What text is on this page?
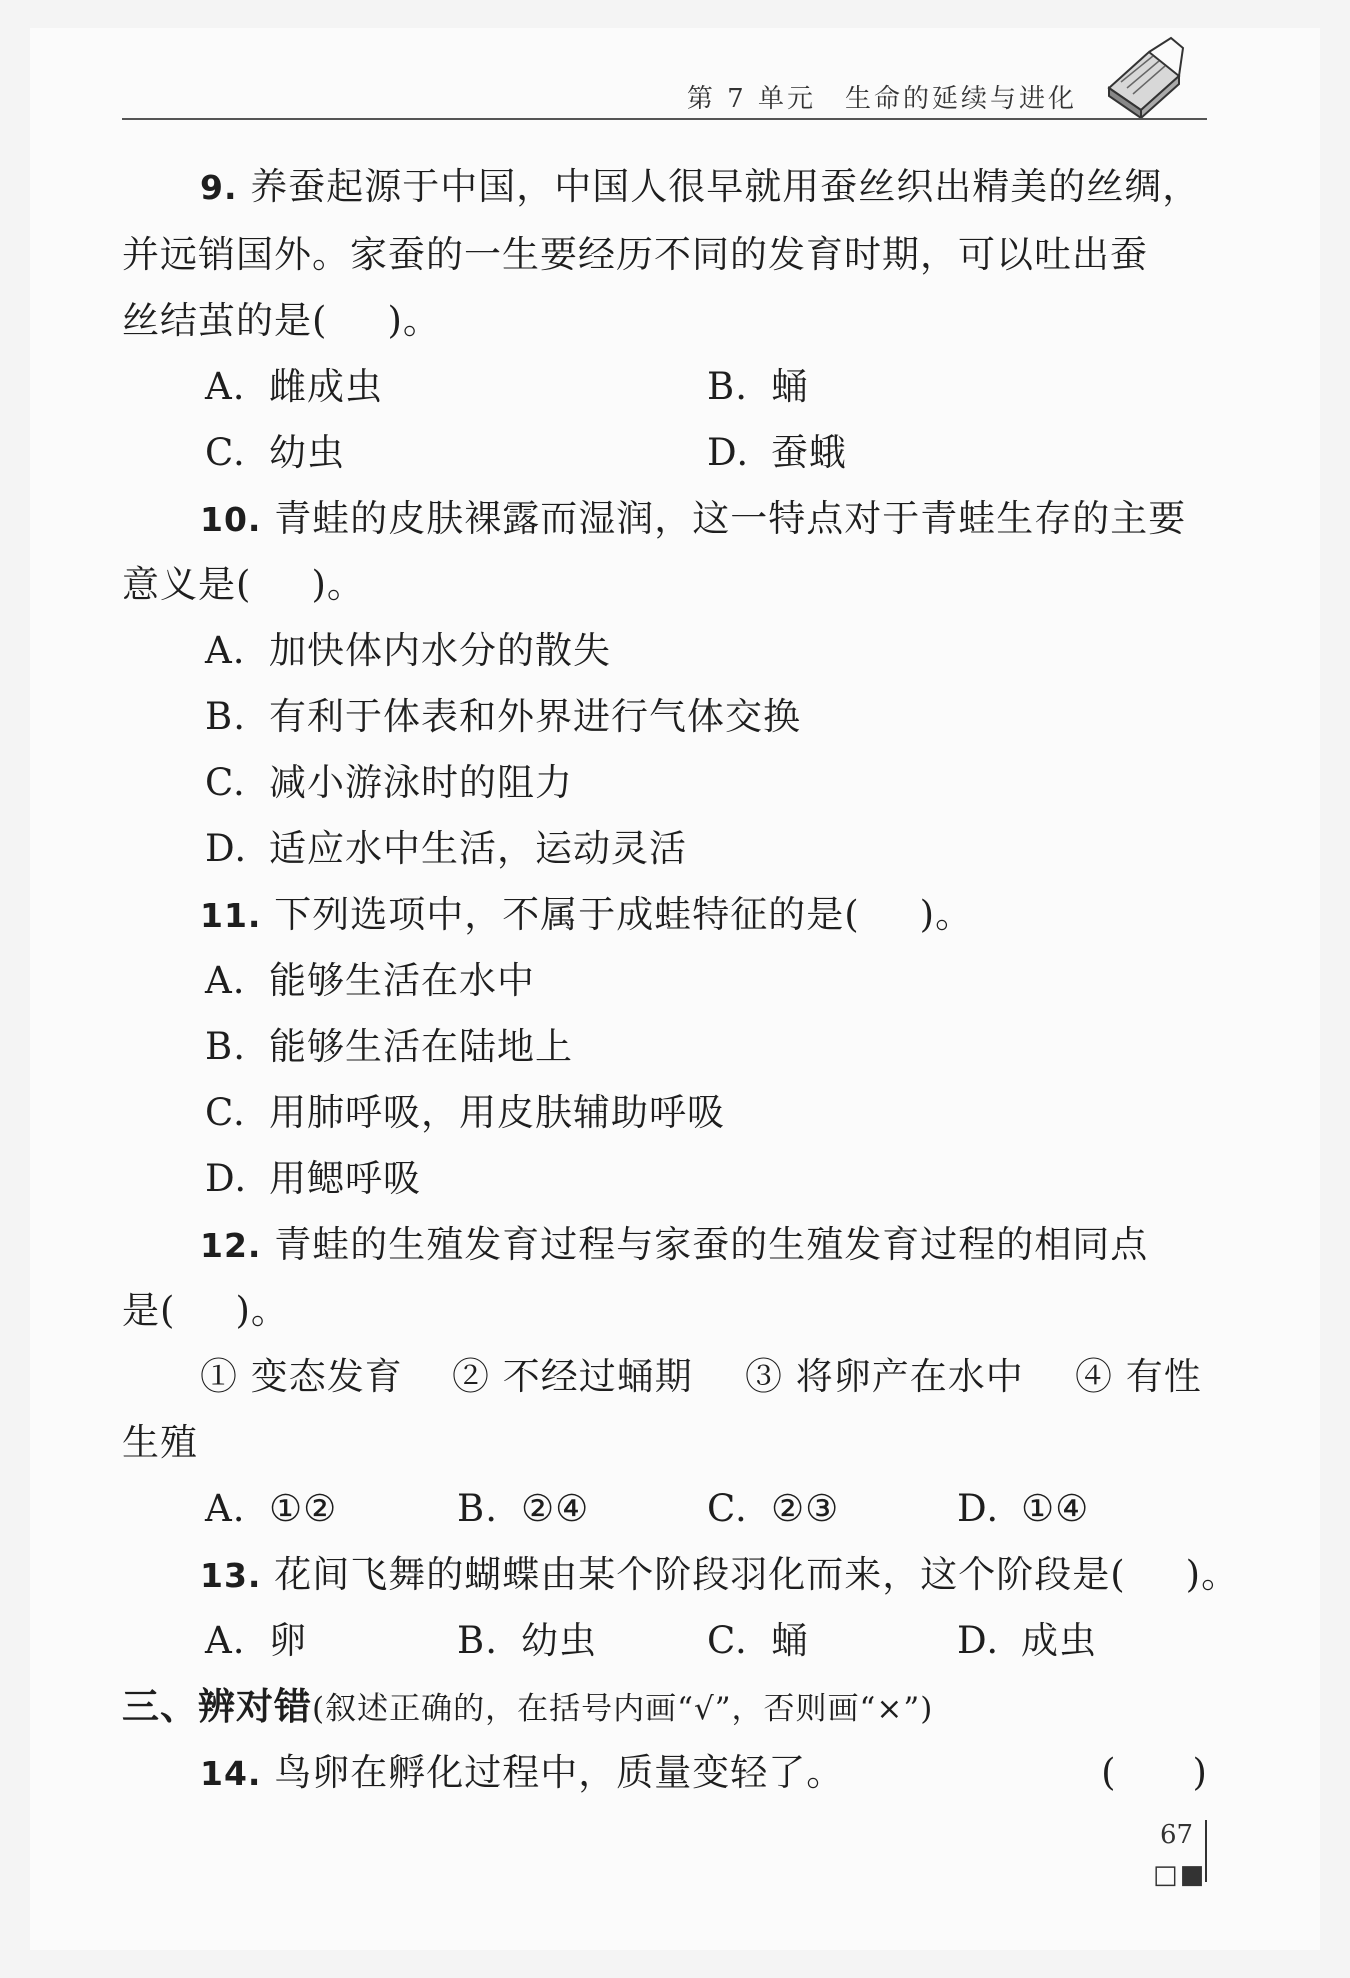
第 7 单元　生命的延续与进化
9. 养蚕起源于中国，中国人很早就用蚕丝织出精美的丝绸，
并远销国外。家蚕的一生要经历不同的发育时期，可以吐出蚕
丝结茧的是( )。
A. 雌成虫	B. 蛹
C. 幼虫	D. 蚕蛾
10. 青蛙的皮肤裸露而湿润，这一特点对于青蛙生存的主要
意义是( )。
A. 加快体内水分的散失
B. 有利于体表和外界进行气体交换
C. 减小游泳时的阻力
D. 适应水中生活，运动灵活
11. 下列选项中，不属于成蛙特征的是( )。
A. 能够生活在水中
B. 能够生活在陆地上
C. 用肺呼吸，用皮肤辅助呼吸
D. 用鳃呼吸
12. 青蛙的生殖发育过程与家蚕的生殖发育过程的相同点
是( )。
① 变态发育 ② 不经过蛹期 ③ 将卵产在水中 ④ 有性
生殖
A. ①②	B. ②④	C. ②③	D. ①④
13. 花间飞舞的蝴蝶由某个阶段羽化而来，这个阶段是( )。
A. 卵	B. 幼虫	C. 蛹	D. 成虫
三、辨对错(叙述正确的，在括号内画“√”，否则画“×”)
14. 鸟卵在孵化过程中，质量变轻了。	(　　)
67
□■
